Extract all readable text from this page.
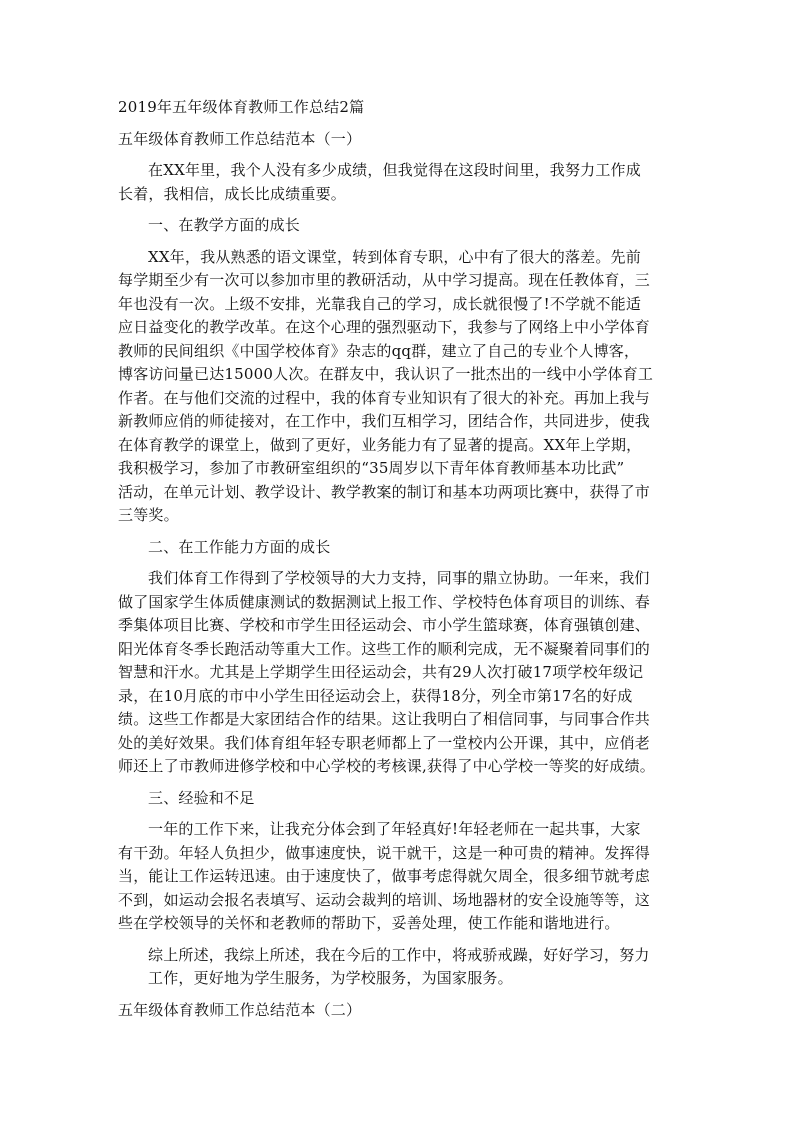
2019年五年级体育教师工作总结2篇
五年级体育教师工作总结范本（一）
在XX年里，我个人没有多少成绩，但我觉得在这段时间里，我努力工作成
长着，我相信，成长比成绩重要。
一、在教学方面的成长
XX年，我从熟悉的语文课堂，转到体育专职，心中有了很大的落差。先前
每学期至少有一次可以参加市里的教研活动，从中学习提高。现在任教体育，三
年也没有一次。上级不安排，光靠我自己的学习，成长就很慢了!不学就不能适
应日益变化的教学改革。在这个心理的强烈驱动下，我参与了网络上中小学体育
教师的民间组织《中国学校体育》杂志的qq群，建立了自己的专业个人博客，
博客访问量已达15000人次。在群友中，我认识了一批杰出的一线中小学体育工
作者。在与他们交流的过程中，我的体育专业知识有了很大的补充。再加上我与
新教师应俏的师徒接对，在工作中，我们互相学习，团结合作，共同进步，使我
在体育教学的课堂上，做到了更好，业务能力有了显著的提高。XX年上学期，
我积极学习，参加了市教研室组织的“35周岁以下青年体育教师基本功比武”
活动，在单元计划、教学设计、教学教案的制订和基本功两项比赛中，获得了市
三等奖。
二、在工作能力方面的成长
我们体育工作得到了学校领导的大力支持，同事的鼎立协助。一年来，我们
做了国家学生体质健康测试的数据测试上报工作、学校特色体育项目的训练、春
季集体项目比赛、学校和市学生田径运动会、市小学生篮球赛，体育强镇创建、
阳光体育冬季长跑活动等重大工作。这些工作的顺利完成，无不凝聚着同事们的
智慧和汗水。尤其是上学期学生田径运动会，共有29人次打破17项学校年级记
录，在10月底的市中小学生田径运动会上，获得18分，列全市第17名的好成
绩。这些工作都是大家团结合作的结果。这让我明白了相信同事，与同事合作共
处的美好效果。我们体育组年轻专职老师都上了一堂校内公开课，其中，应俏老
师还上了市教师进修学校和中心学校的考核课,获得了中心学校一等奖的好成绩。
三、经验和不足
一年的工作下来，让我充分体会到了年轻真好!年轻老师在一起共事，大家
有干劲。年轻人负担少，做事速度快，说干就干，这是一种可贵的精神。发挥得
当，能让工作运转迅速。由于速度快了，做事考虑得就欠周全，很多细节就考虑
不到，如运动会报名表填写、运动会裁判的培训、场地器材的安全设施等等，这
些在学校领导的关怀和老教师的帮助下，妥善处理，使工作能和谐地进行。
综上所述，我综上所述，我在今后的工作中，将戒骄戒躁，好好学习，努力
工作，更好地为学生服务，为学校服务，为国家服务。
五年级体育教师工作总结范本（二）
